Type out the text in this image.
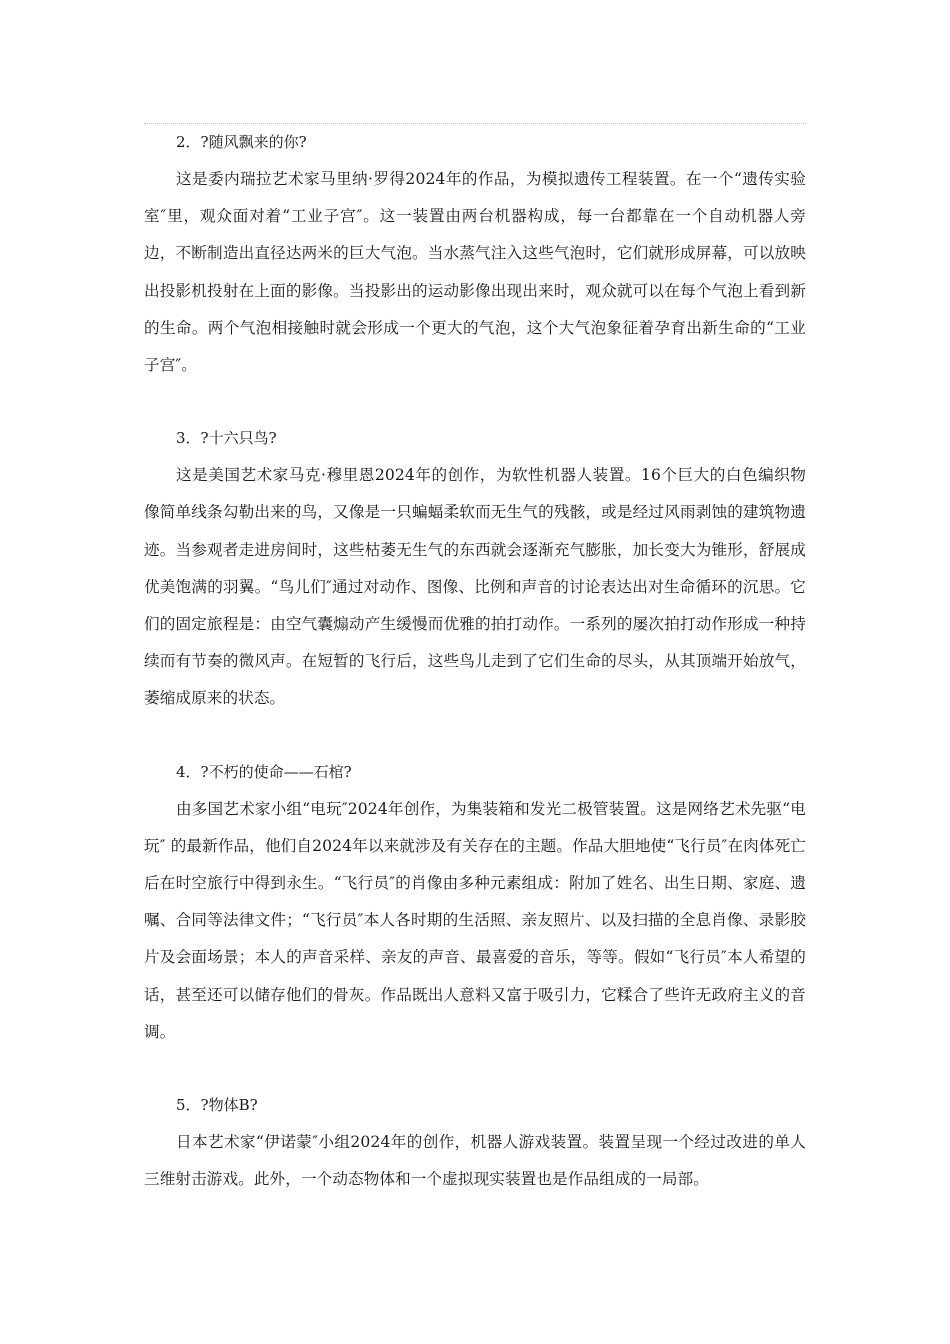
2．?随风飘来的你?

这是委内瑞拉艺术家马里纳·罗得2024年的作品，为模拟遗传工程装置。在一个“遗传实验室″里，观众面对着“工业子宫″。这一装置由两台机器构成，每一台都靠在一个自动机器人旁边，不断制造出直径达两米的巨大气泡。当水蒸气注入这些气泡时，它们就形成屏幕，可以放映出投影机投射在上面的影像。当投影出的运动影像出现出来时，观众就可以在每个气泡上看到新的生命。两个气泡相接触时就会形成一个更大的气泡，这个大气泡象征着孕育出新生命的“工业子宫″。

3．?十六只鸟?

这是美国艺术家马克·穆里恩2024年的创作，为软性机器人装置。16个巨大的白色编织物像简单线条勾勒出来的鸟，又像是一只蝙蝠柔软而无生气的残骸，或是经过风雨剥蚀的建筑物遗迹。当参观者走进房间时，这些枯萎无生气的东西就会逐渐充气膨胀，加长变大为锥形，舒展成优美饱满的羽翼。“鸟儿们″通过对动作、图像、比例和声音的讨论表达出对生命循环的沉思。它们的固定旅程是：由空气囊煽动产生缓慢而优雅的拍打动作。一系列的屡次拍打动作形成一种持续而有节奏的微风声。在短暂的飞行后，这些鸟儿走到了它们生命的尽头，从其顶端开始放气，萎缩成原来的状态。

4．?不朽的使命——石棺?

由多国艺术家小组“电玩″2024年创作，为集装箱和发光二极管装置。这是网络艺术先驱“电玩″ 的最新作品，他们自2024年以来就涉及有关存在的主题。作品大胆地使“飞行员″在肉体死亡后在时空旅行中得到永生。“飞行员″的肖像由多种元素组成：附加了姓名、出生日期、家庭、遗嘱、合同等法律文件；“飞行员″本人各时期的生活照、亲友照片、以及扫描的全息肖像、录影胶片及会面场景；本人的声音采样、亲友的声音、最喜爱的音乐，等等。假如“飞行员″本人希望的话，甚至还可以储存他们的骨灰。作品既出人意料又富于吸引力，它糅合了些许无政府主义的音调。

5．?物体B?

日本艺术家“伊诺蒙″小组2024年的创作，机器人游戏装置。装置呈现一个经过改进的单人三维射击游戏。此外，一个动态物体和一个虚拟现实装置也是作品组成的一局部。
